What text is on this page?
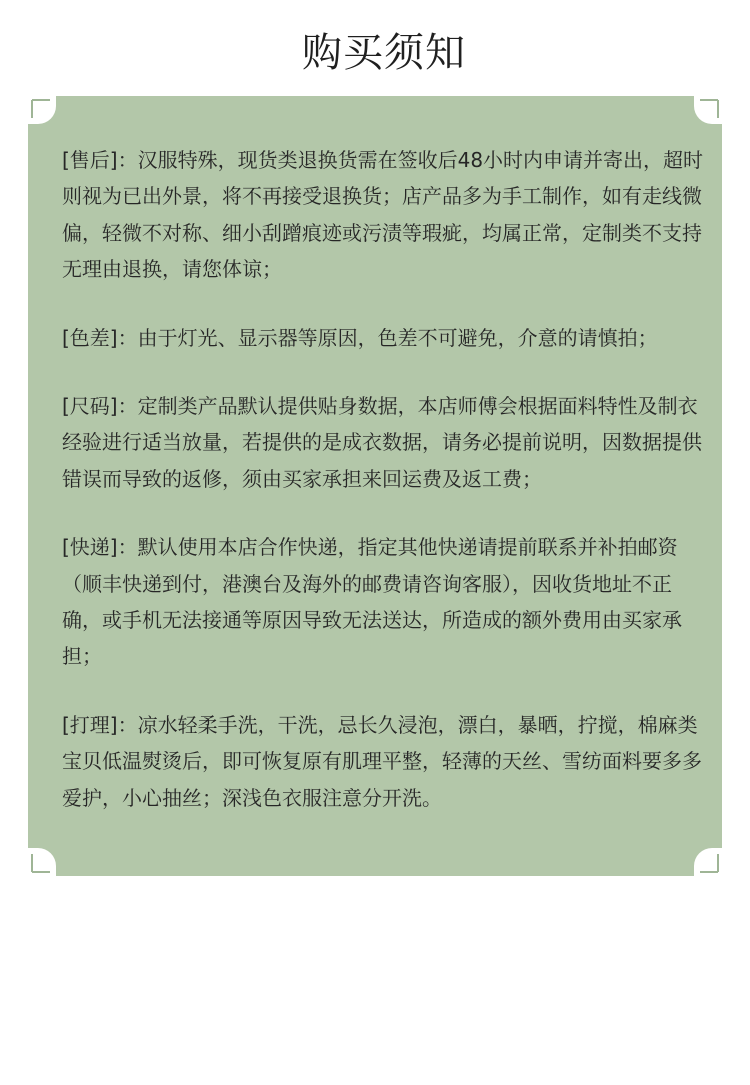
购买须知

[售后]：汉服特殊，现货类退换货需在签收后48小时内申请并寄出，超时则视为已出外景，将不再接受退换货；店产品多为手工制作，如有走线微偏，轻微不对称、细小刮蹭痕迹或污渍等瑕疵，均属正常，定制类不支持无理由退换，请您体谅；

[色差]：由于灯光、显示器等原因，色差不可避免，介意的请慎拍；

[尺码]：定制类产品默认提供贴身数据，本店师傅会根据面料特性及制衣经验进行适当放量，若提供的是成衣数据，请务必提前说明，因数据提供错误而导致的返修，须由买家承担来回运费及返工费；

[快递]：默认使用本店合作快递，指定其他快递请提前联系并补拍邮资（顺丰快递到付，港澳台及海外的邮费请咨询客服），因收货地址不正确，或手机无法接通等原因导致无法送达，所造成的额外费用由买家承担；

[打理]：凉水轻柔手洗，干洗，忌长久浸泡，漂白，暴晒，拧搅，棉麻类宝贝低温熨烫后，即可恢复原有肌理平整，轻薄的天丝、雪纺面料要多多爱护，小心抽丝；深浅色衣服注意分开洗。
